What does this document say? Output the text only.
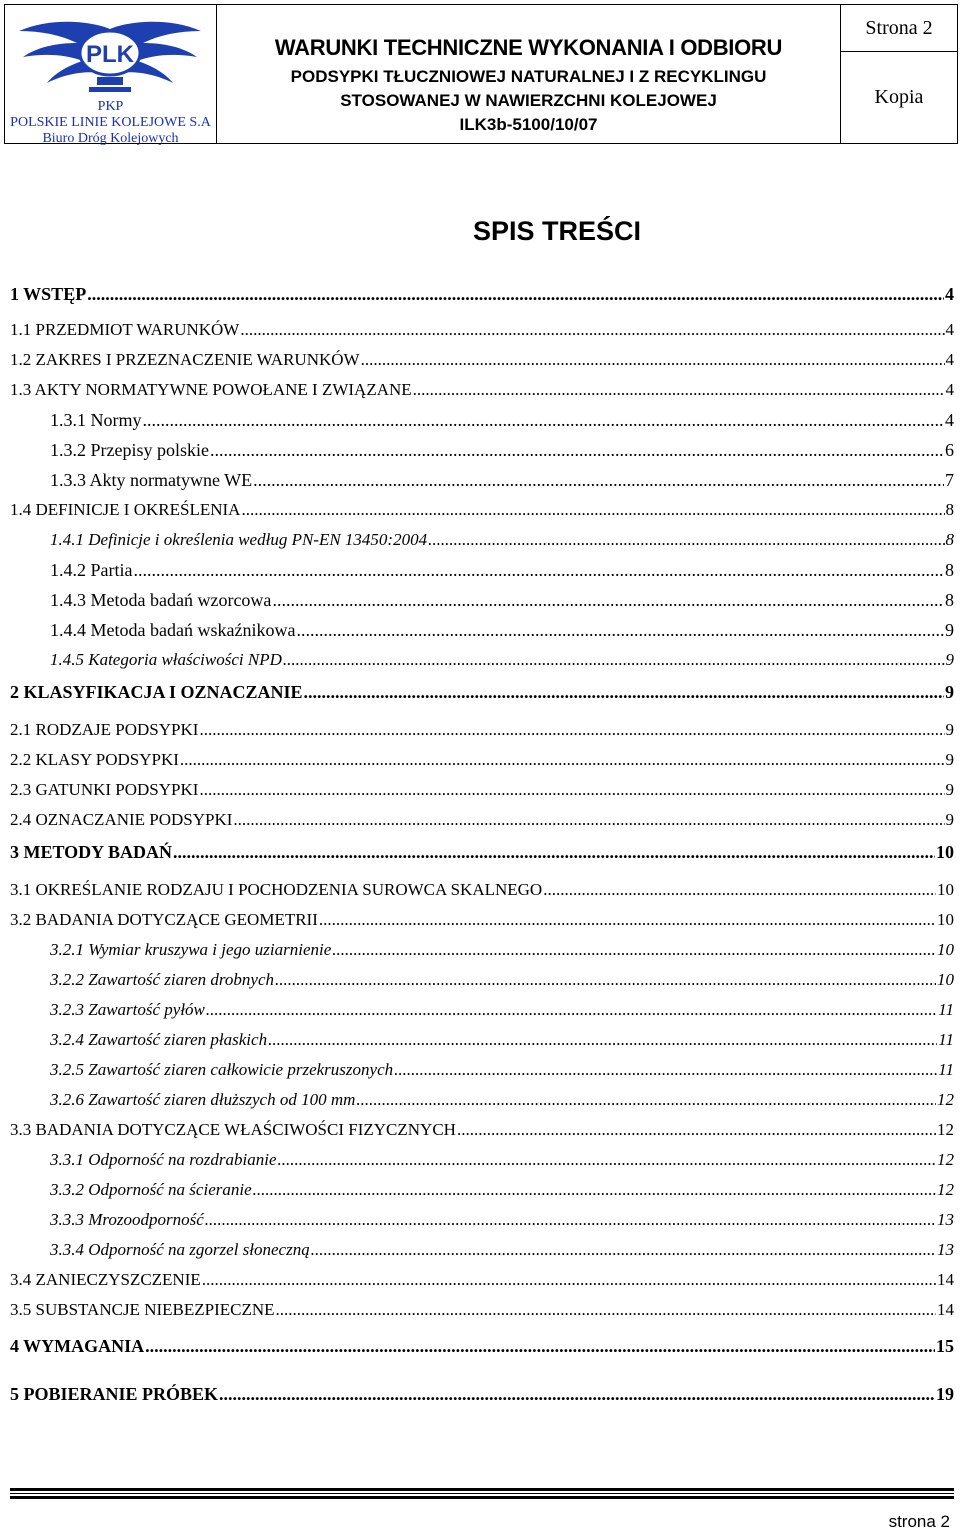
PLK
PKP
POLSKIE LINIE KOLEJOWE S.A
Biuro Dróg Kolejowych
WARUNKI TECHNICZNE WYKONANIA I ODBIORU
PODSYPKI TŁUCZNIOWEJ NATURALNEJ I Z RECYKLINGU
STOSOWANEJ W NAWIERZCHNI KOLEJOWEJ
ILK3b-5100/10/07
Strona 2
Kopia
SPIS TREŚCI
1 WSTĘP .....	4
1.1 PRZEDMIOT WARUNKÓW .....	4
1.2 ZAKRES I PRZEZNACZENIE WARUNKÓW .....	4
1.3 AKTY NORMATYWNE POWOŁANE I ZWIĄZANE .....	4
1.3.1 Normy .....	4
1.3.2 Przepisy polskie .....	6
1.3.3 Akty normatywne WE .....	7
1.4 DEFINICJE I OKREŚLENIA .....	8
1.4.1 Definicje i określenia według PN-EN 13450:2004 .....	8
1.4.2 Partia .....	8
1.4.3 Metoda badań wzorcowa .....	8
1.4.4 Metoda badań wskaźnikowa .....	9
1.4.5 Kategoria właściwości NPD .....	9
2 KLASYFIKACJA I OZNACZANIE .....	9
2.1 RODZAJE PODSYPKI .....	9
2.2 KLASY PODSYPKI .....	9
2.3 GATUNKI PODSYPKI .....	9
2.4 OZNACZANIE PODSYPKI .....	9
3 METODY BADAŃ .....	10
3.1 OKREŚLANIE RODZAJU I POCHODZENIA SUROWCA SKALNEGO .....	10
3.2 BADANIA DOTYCZĄCE GEOMETRII .....	10
3.2.1 Wymiar kruszywa i jego uziarnienie .....	10
3.2.2 Zawartość ziaren drobnych .....	10
3.2.3 Zawartość pyłów .....	11
3.2.4 Zawartość ziaren płaskich .....	11
3.2.5 Zawartość ziaren całkowicie przekruszonych .....	11
3.2.6 Zawartość ziaren dłuższych od 100 mm .....	12
3.3 BADANIA DOTYCZĄCE WŁAŚCIWOŚCI FIZYCZNYCH .....	12
3.3.1 Odporność na rozdrabianie .....	12
3.3.2 Odporność na ścieranie .....	12
3.3.3 Mrozoodporność .....	13
3.3.4 Odporność na zgorzel słoneczną .....	13
3.4 ZANIECZYSZCZENIE .....	14
3.5 SUBSTANCJE NIEBEZPIECZNE .....	14
4 WYMAGANIA .....	15
5 POBIERANIE PRÓBEK .....	19
strona 2
